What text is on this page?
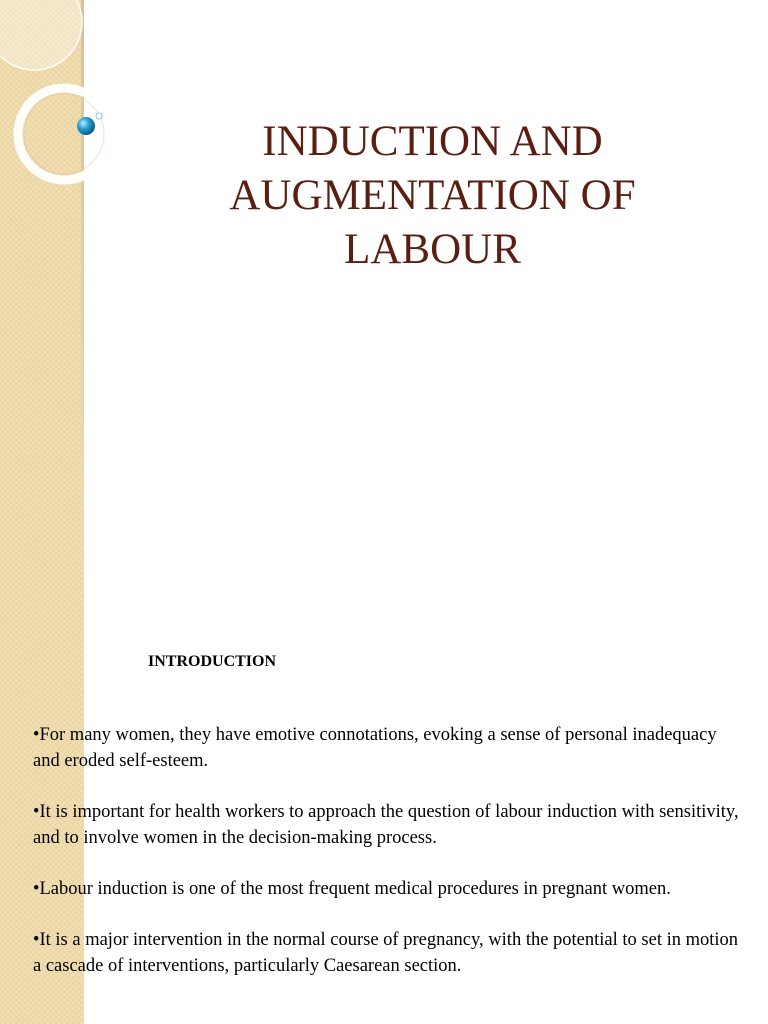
INDUCTION AND
AUGMENTATION OF
LABOUR

INTRODUCTION

•For many women, they have emotive connotations, evoking a sense of personal inadequacy and eroded self-esteem.
•It is important for health workers to approach the question of labour induction with sensitivity, and to involve women in the decision-making process.
•Labour induction is one of the most frequent medical procedures in pregnant women.
•It is a major intervention in the normal course of pregnancy, with the potential to set in motion a cascade of interventions, particularly Caesarean section.
